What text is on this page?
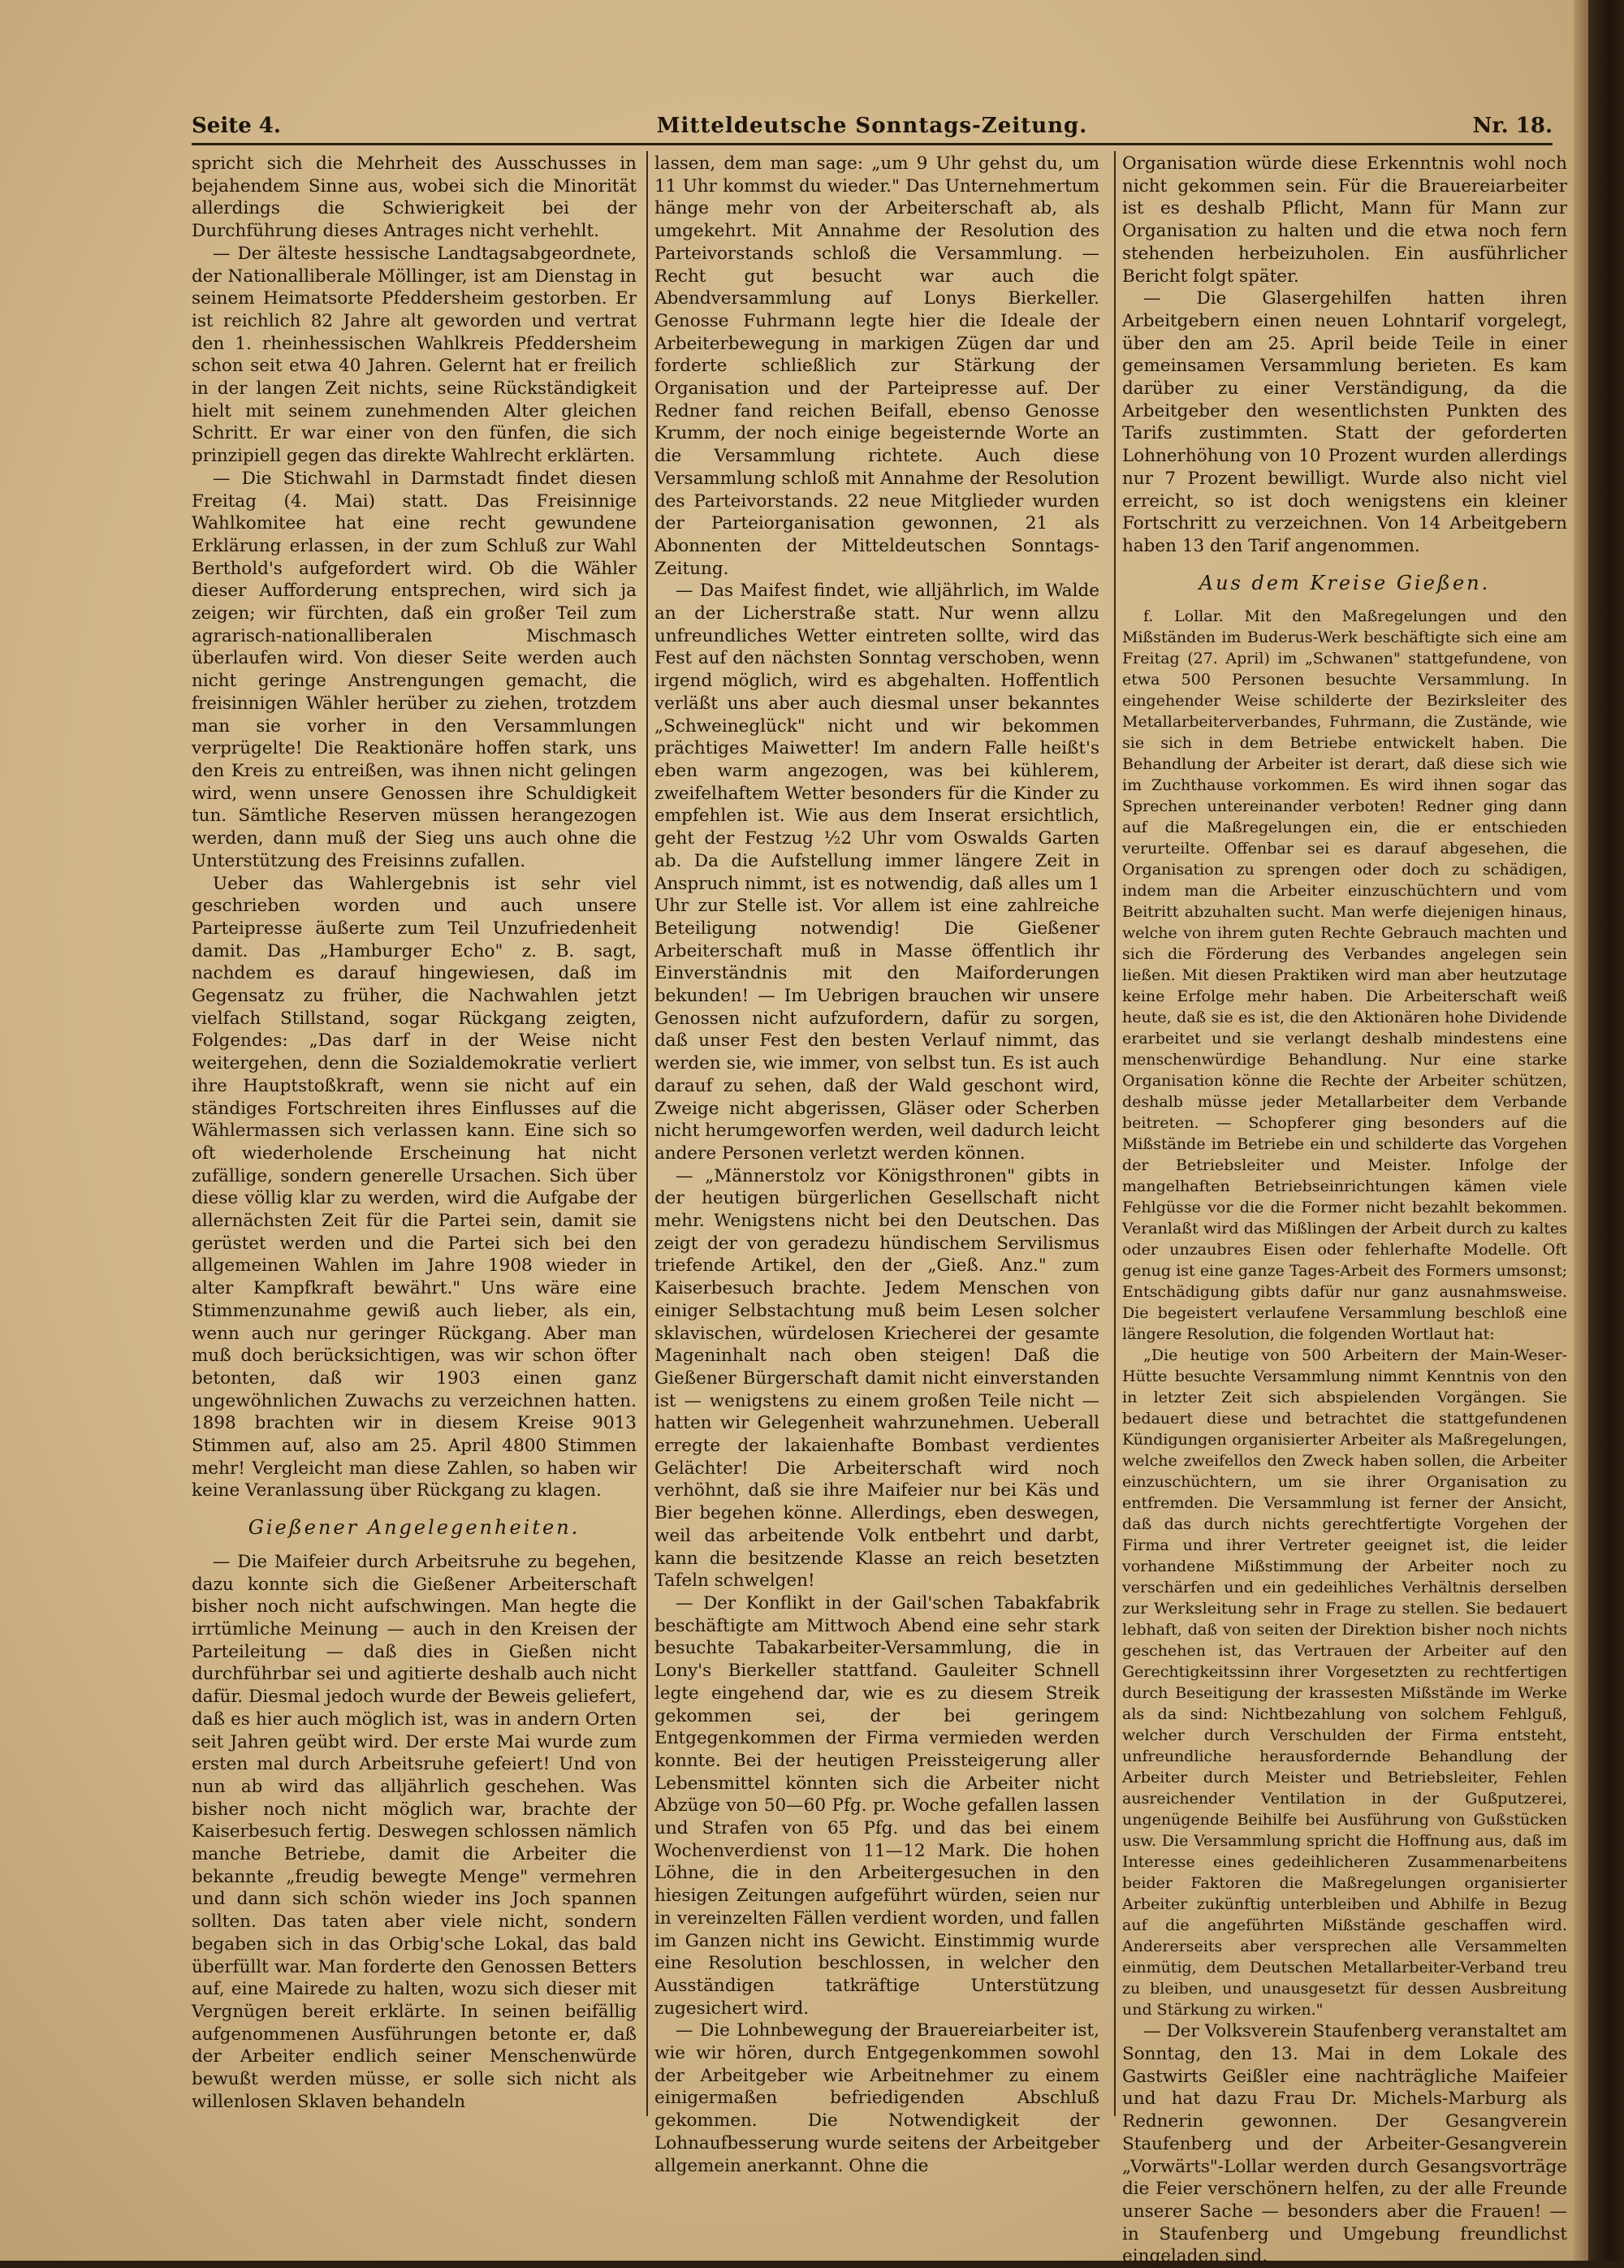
Mitteldeutsche Sonntags-Zeitung.
Seite 4.	Nr. 18.

spricht sich die Mehrheit des Ausschusses in bejahendem Sinne aus, wobei sich die Minorität allerdings die Schwierigkeit bei der Durchführung dieses Antrages nicht verhehlt.

— Der älteste hessische Landtagsabgeordnete, der Nationalliberale Möllinger, ist am Dienstag in seinem Heimatsorte Pfeddersheim gestorben. Er ist reichlich 82 Jahre alt geworden und vertrat den 1. rheinhessischen Wahlkreis Pfeddersheim schon seit etwa 40 Jahren. Gelernt hat er freilich in der langen Zeit nichts, seine Rückständigkeit hielt mit seinem zunehmenden Alter gleichen Schritt. Er war einer von den fünfen, die sich prinzipiell gegen das direkte Wahlrecht erklärten.

— Die Stichwahl in Darmstadt findet diesen Freitag (4. Mai) statt. Das Freisinnige Wahlkomitee hat eine recht gewundene Erklärung erlassen, in der zum Schluß zur Wahl Berthold's aufgefordert wird. Ob die Wähler dieser Aufforderung entsprechen, wird sich ja zeigen; wir fürchten, daß ein großer Teil zum agrarisch-nationalliberalen Mischmasch überlaufen wird. Von dieser Seite werden auch nicht geringe Anstrengungen gemacht, die freisinnigen Wähler herüber zu ziehen, trotzdem man sie vorher in den Versammlungen verprügelte! Die Reaktionäre hoffen stark, uns den Kreis zu entreißen, was ihnen nicht gelingen wird, wenn unsere Genossen ihre Schuldigkeit tun. Sämtliche Reserven müssen herangezogen werden, dann muß der Sieg uns auch ohne die Unterstützung des Freisinns zufallen.

Ueber das Wahlergebnis ist sehr viel geschrieben worden und auch unsere Parteipresse äußerte zum Teil Unzufriedenheit damit. Das „Hamburger Echo" z. B. sagt, nachdem es darauf hingewiesen, daß im Gegensatz zu früher, die Nachwahlen jetzt vielfach Stillstand, sogar Rückgang zeigten, Folgendes: „Das darf in der Weise nicht weitergehen, denn die Sozialdemokratie verliert ihre Hauptstoßkraft, wenn sie nicht auf ein ständiges Fortschreiten ihres Einflusses auf die Wählermassen sich verlassen kann. Eine sich so oft wiederholende Erscheinung hat nicht zufällige, sondern generelle Ursachen. Sich über diese völlig klar zu werden, wird die Aufgabe der allernächsten Zeit für die Partei sein, damit sie gerüstet werden und die Partei sich bei den allgemeinen Wahlen im Jahre 1908 wieder in alter Kampfkraft bewährt." Uns wäre eine Stimmenzunahme gewiß auch lieber, als ein, wenn auch nur geringer Rückgang. Aber man muß doch berücksichtigen, was wir schon öfter betonten, daß wir 1903 einen ganz ungewöhnlichen Zuwachs zu verzeichnen hatten. 1898 brachten wir in diesem Kreise 9013 Stimmen auf, also am 25. April 4800 Stimmen mehr! Vergleicht man diese Zahlen, so haben wir keine Veranlassung über Rückgang zu klagen.

Gießener Angelegenheiten.

— Die Maifeier durch Arbeitsruhe zu begehen, dazu konnte sich die Gießener Arbeiterschaft bisher noch nicht aufschwingen. Man hegte die irrtümliche Meinung — auch in den Kreisen der Parteileitung — daß dies in Gießen nicht durchführbar sei und agitierte deshalb auch nicht dafür. Diesmal jedoch wurde der Beweis geliefert, daß es hier auch möglich ist, was in andern Orten seit Jahren geübt wird. Der erste Mai wurde zum ersten mal durch Arbeitsruhe gefeiert! Und von nun ab wird das alljährlich geschehen. Was bisher noch nicht möglich war, brachte der Kaiserbesuch fertig. Deswegen schlossen nämlich manche Betriebe, damit die Arbeiter die bekannte „freudig bewegte Menge" vermehren und dann sich schön wieder ins Joch spannen sollten. Das taten aber viele nicht, sondern begaben sich in das Orbig'sche Lokal, das bald überfüllt war. Man forderte den Genossen Betters auf, eine Mairede zu halten, wozu sich dieser mit Vergnügen bereit erklärte. In seinen beifällig aufgenommenen Ausführungen betonte er, daß der Arbeiter endlich seiner Menschenwürde bewußt werden müsse, er solle sich nicht als willenlosen Sklaven behandeln

lassen, dem man sage: „um 9 Uhr gehst du, um 11 Uhr kommst du wieder." Das Unternehmertum hänge mehr von der Arbeiterschaft ab, als umgekehrt. Mit Annahme der Resolution des Parteivorstands schloß die Versammlung. — Recht gut besucht war auch die Abendversammlung auf Lonys Bierkeller. Genosse Fuhrmann legte hier die Ideale der Arbeiterbewegung in markigen Zügen dar und forderte schließlich zur Stärkung der Organisation und der Parteipresse auf. Der Redner fand reichen Beifall, ebenso Genosse Krumm, der noch einige begeisternde Worte an die Versammlung richtete. Auch diese Versammlung schloß mit Annahme der Resolution des Parteivorstands. 22 neue Mitglieder wurden der Parteiorganisation gewonnen, 21 als Abonnenten der Mitteldeutschen Sonntags-Zeitung.

— Das Maifest findet, wie alljährlich, im Walde an der Licherstraße statt. Nur wenn allzu unfreundliches Wetter eintreten sollte, wird das Fest auf den nächsten Sonntag verschoben, wenn irgend möglich, wird es abgehalten. Hoffentlich verläßt uns aber auch diesmal unser bekanntes „Schweineglück" nicht und wir bekommen prächtiges Maiwetter! Im andern Falle heißt's eben warm angezogen, was bei kühlerem, zweifelhaftem Wetter besonders für die Kinder zu empfehlen ist. Wie aus dem Inserat ersichtlich, geht der Festzug ½2 Uhr vom Oswalds Garten ab. Da die Aufstellung immer längere Zeit in Anspruch nimmt, ist es notwendig, daß alles um 1 Uhr zur Stelle ist. Vor allem ist eine zahlreiche Beteiligung notwendig! Die Gießener Arbeiterschaft muß in Masse öffentlich ihr Einverständnis mit den Maiforderungen bekunden! — Im Uebrigen brauchen wir unsere Genossen nicht aufzufordern, dafür zu sorgen, daß unser Fest den besten Verlauf nimmt, das werden sie, wie immer, von selbst tun. Es ist auch darauf zu sehen, daß der Wald geschont wird, Zweige nicht abgerissen, Gläser oder Scherben nicht herumgeworfen werden, weil dadurch leicht andere Personen verletzt werden können.

— „Männerstolz vor Königsthronen" gibts in der heutigen bürgerlichen Gesellschaft nicht mehr. Wenigstens nicht bei den Deutschen. Das zeigt der von geradezu hündischem Servilismus triefende Artikel, den der „Gieß. Anz." zum Kaiserbesuch brachte. Jedem Menschen von einiger Selbstachtung muß beim Lesen solcher sklavischen, würdelosen Kriecherei der gesamte Mageninhalt nach oben steigen! Daß die Gießener Bürgerschaft damit nicht einverstanden ist — wenigstens zu einem großen Teile nicht — hatten wir Gelegenheit wahrzunehmen. Ueberall erregte der lakaienhafte Bombast verdientes Gelächter! Die Arbeiterschaft wird noch verhöhnt, daß sie ihre Maifeier nur bei Käs und Bier begehen könne. Allerdings, eben deswegen, weil das arbeitende Volk entbehrt und darbt, kann die besitzende Klasse an reich besetzten Tafeln schwelgen!

— Der Konflikt in der Gail'schen Tabakfabrik beschäftigte am Mittwoch Abend eine sehr stark besuchte Tabakarbeiter-Versammlung, die in Lony's Bierkeller stattfand. Gauleiter Schnell legte eingehend dar, wie es zu diesem Streik gekommen sei, der bei geringem Entgegenkommen der Firma vermieden werden konnte. Bei der heutigen Preissteigerung aller Lebensmittel könnten sich die Arbeiter nicht Abzüge von 50—60 Pfg. pr. Woche gefallen lassen und Strafen von 65 Pfg. und das bei einem Wochenverdienst von 11—12 Mark. Die hohen Löhne, die in den Arbeitergesuchen in den hiesigen Zeitungen aufgeführt würden, seien nur in vereinzelten Fällen verdient worden, und fallen im Ganzen nicht ins Gewicht. Einstimmig wurde eine Resolution beschlossen, in welcher den Ausständigen tatkräftige Unterstützung zugesichert wird.

— Die Lohnbewegung der Brauereiarbeiter ist, wie wir hören, durch Entgegenkommen sowohl der Arbeitgeber wie Arbeitnehmer zu einem einigermaßen befriedigenden Abschluß gekommen. Die Notwendigkeit der Lohnaufbesserung wurde seitens der Arbeitgeber allgemein anerkannt. Ohne die

Organisation würde diese Erkenntnis wohl noch nicht gekommen sein. Für die Brauereiarbeiter ist es deshalb Pflicht, Mann für Mann zur Organisation zu halten und die etwa noch fern stehenden herbeizuholen. Ein ausführlicher Bericht folgt später.

— Die Glasergehilfen hatten ihren Arbeitgebern einen neuen Lohntarif vorgelegt, über den am 25. April beide Teile in einer gemeinsamen Versammlung berieten. Es kam darüber zu einer Verständigung, da die Arbeitgeber den wesentlichsten Punkten des Tarifs zustimmten. Statt der geforderten Lohnerhöhung von 10 Prozent wurden allerdings nur 7 Prozent bewilligt. Wurde also nicht viel erreicht, so ist doch wenigstens ein kleiner Fortschritt zu verzeichnen. Von 14 Arbeitgebern haben 13 den Tarif angenommen.

Aus dem Kreise Gießen.

f. Lollar. Mit den Maßregelungen und den Mißständen im Buderus-Werk beschäftigte sich eine am Freitag (27. April) im „Schwanen" stattgefundene, von etwa 500 Personen besuchte Versammlung. In eingehender Weise schilderte der Bezirksleiter des Metallarbeiterverbandes, Fuhrmann, die Zustände, wie sie sich in dem Betriebe entwickelt haben. Die Behandlung der Arbeiter ist derart, daß diese sich wie im Zuchthause vorkommen. Es wird ihnen sogar das Sprechen untereinander verboten! Redner ging dann auf die Maßregelungen ein, die er entschieden verurteilte. Offenbar sei es darauf abgesehen, die Organisation zu sprengen oder doch zu schädigen, indem man die Arbeiter einzuschüchtern und vom Beitritt abzuhalten sucht. Man werfe diejenigen hinaus, welche von ihrem guten Rechte Gebrauch machten und sich die Förderung des Verbandes angelegen sein ließen. Mit diesen Praktiken wird man aber heutzutage keine Erfolge mehr haben. Die Arbeiterschaft weiß heute, daß sie es ist, die den Aktionären hohe Dividende erarbeitet und sie verlangt deshalb mindestens eine menschenwürdige Behandlung. Nur eine starke Organisation könne die Rechte der Arbeiter schützen, deshalb müsse jeder Metallarbeiter dem Verbande beitreten. — Schopferer ging besonders auf die Mißstände im Betriebe ein und schilderte das Vorgehen der Betriebsleiter und Meister. Infolge der mangelhaften Betriebseinrichtungen kämen viele Fehlgüsse vor die die Former nicht bezahlt bekommen. Veranlaßt wird das Mißlingen der Arbeit durch zu kaltes oder unzaubres Eisen oder fehlerhafte Modelle. Oft genug ist eine ganze Tages-Arbeit des Formers umsonst; Entschädigung gibts dafür nur ganz ausnahmsweise. Die begeistert verlaufene Versammlung beschloß eine längere Resolution, die folgenden Wortlaut hat:

„Die heutige von 500 Arbeitern der Main-Weser-Hütte besuchte Versammlung nimmt Kenntnis von den in letzter Zeit sich abspielenden Vorgängen. Sie bedauert diese und betrachtet die stattgefundenen Kündigungen organisierter Arbeiter als Maßregelungen, welche zweifellos den Zweck haben sollen, die Arbeiter einzuschüchtern, um sie ihrer Organisation zu entfremden. Die Versammlung ist ferner der Ansicht, daß das durch nichts gerechtfertigte Vorgehen der Firma und ihrer Vertreter geeignet ist, die leider vorhandene Mißstimmung der Arbeiter noch zu verschärfen und ein gedeihliches Verhältnis derselben zur Werksleitung sehr in Frage zu stellen. Sie bedauert lebhaft, daß von seiten der Direktion bisher noch nichts geschehen ist, das Vertrauen der Arbeiter auf den Gerechtigkeitssinn ihrer Vorgesetzten zu rechtfertigen durch Beseitigung der krassesten Mißstände im Werke als da sind: Nichtbezahlung von solchem Fehlguß, welcher durch Verschulden der Firma entsteht, unfreundliche herausfordernde Behandlung der Arbeiter durch Meister und Betriebsleiter, Fehlen ausreichender Ventilation in der Gußputzerei, ungenügende Beihilfe bei Ausführung von Gußstücken usw. Die Versammlung spricht die Hoffnung aus, daß im Interesse eines gedeihlicheren Zusammenarbeitens beider Faktoren die Maßregelungen organisierter Arbeiter zukünftig unterbleiben und Abhilfe in Bezug auf die angeführten Mißstände geschaffen wird. Andererseits aber versprechen alle Versammelten einmütig, dem Deutschen Metallarbeiter-Verband treu zu bleiben, und unausgesetzt für dessen Ausbreitung und Stärkung zu wirken."

— Der Volksverein Staufenberg veranstaltet am Sonntag, den 13. Mai in dem Lokale des Gastwirts Geißler eine nachträgliche Maifeier und hat dazu Frau Dr. Michels-Marburg als Rednerin gewonnen. Der Gesangverein Staufenberg und der Arbeiter-Gesangverein „Vorwärts"-Lollar werden durch Gesangsvorträge die Feier verschönern helfen, zu der alle Freunde unserer Sache — besonders aber die Frauen! — in Staufenberg und Umgebung freundlichst eingeladen sind.
